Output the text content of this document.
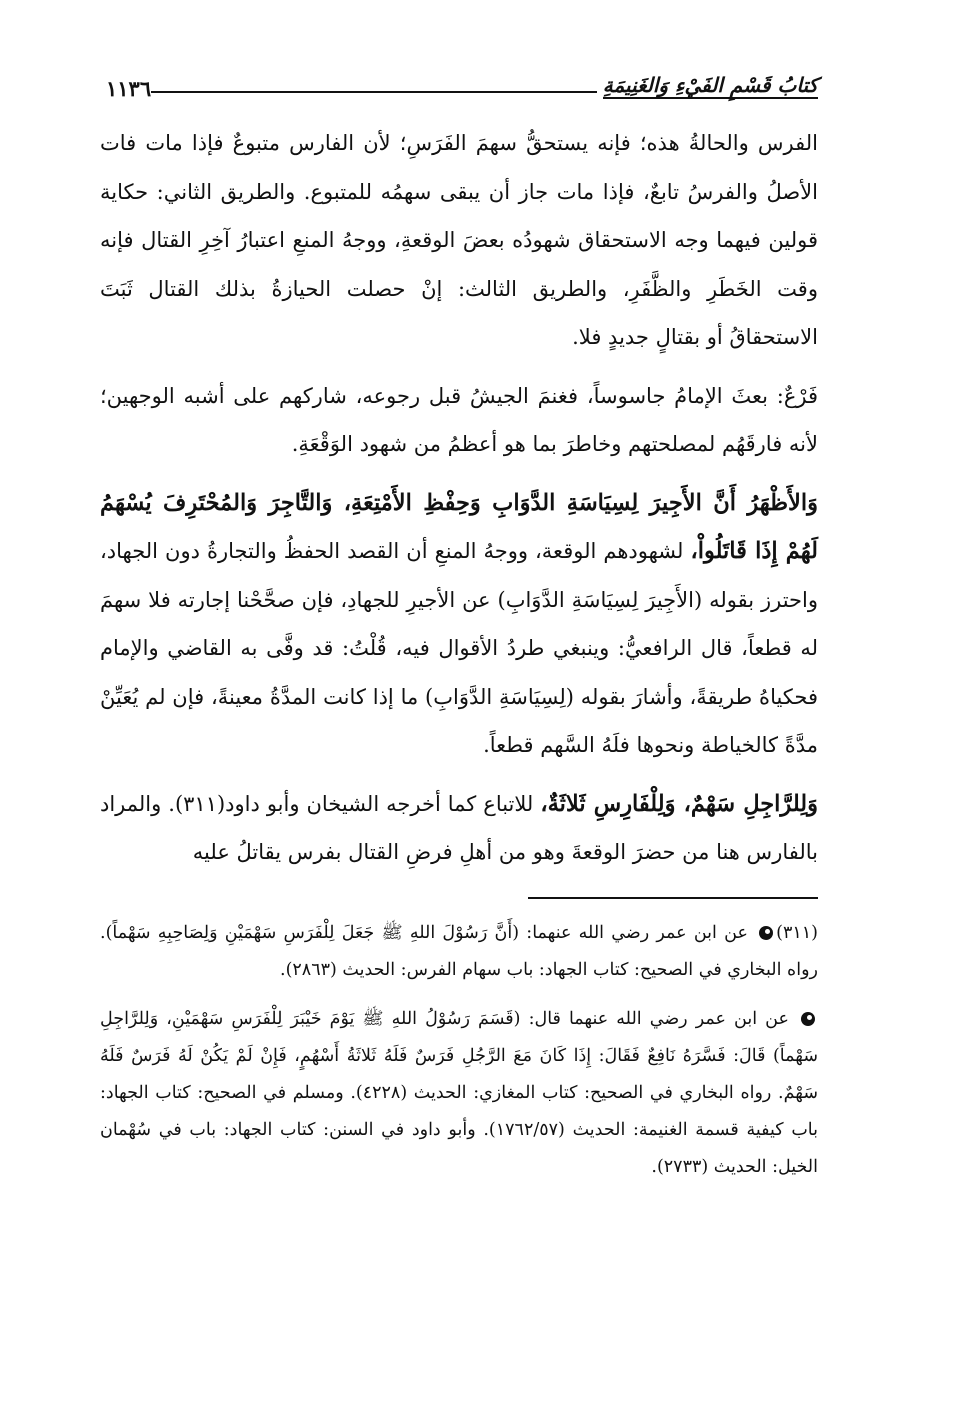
كتابُ قَسْمِ الفَيْءِ وَالغَنِيمَةِ
١١٣٦

الفرس والحالةُ هذه؛ فإنه يستحقُّ سهمَ الفَرَسِ؛ لأن الفارس متبوعٌ فإذا مات فات الأصلُ والفرسُ تابعٌ، فإذا مات جاز أن يبقى سهمُه للمتبوع. والطريق الثاني: حكاية قولين فيهما وجه الاستحقاق شهودُه بعضَ الوقعةِ، ووجهُ المنعِ اعتبارُ آخِرِ القتال فإنه وقت الخَطَرِ والظَّفَرِ، والطريق الثالث: إنْ حصلت الحيازةُ بذلك القتال ثَبَتَ الاستحقاقُ أو بقتالٍ جديدٍ فلا.

فَرْعٌ: بعثَ الإمامُ جاسوساً، فغنمَ الجيشُ قبل رجوعه، شاركهم على أشبه الوجهين؛ لأنه فارقَهُم لمصلحتهم وخاطرَ بما هو أعظمُ من شهود الوَقْعَةِ.

وَالأَظْهَرُ أَنَّ الأَجِيرَ لِسِيَاسَةِ الدَّوَابِ وَحِفْظِ الأَمْتِعَةِ، وَالتَّاجِرَ وَالمُحْتَرِفَ يُسْهَمُ لَهُمْ إِذَا قَاتَلُواْ، لشهودهم الوقعة، ووجهُ المنعِ أن القصد الحفظُ والتجارةُ دون الجهاد، واحترز بقوله (الأَجِيرَ لِسِيَاسَةِ الدَّوَابِ) عن الأجيرِ للجهادِ، فإن صحَّحْنا إجارته فلا سهمَ له قطعاً، قال الرافعيُّ: وينبغي طردُ الأقوال فيه، قُلْتُ: قد وفَّى به القاضي والإمام فحكياهُ طريقةً، وأشارَ بقوله (لِسِيَاسَةِ الدَّوَابِ) ما إذا كانت المدَّةُ معينةً، فإن لم يُعَيِّنْ مدَّةً كالخياطة ونحوها فلَهُ السَّهم قطعاً.

وَلِلرَّاجِلِ سَهْمٌ، وَلِلْفَارِسِ ثَلاثَةٌ، للاتباع كما أخرجه الشيخان وأبو داود(٣١١). والمراد بالفارس هنا من حضرَ الوقعةَ وهو من أهلِ فرضِ القتال بفرس يقاتلُ عليه

(٣١١) عن ابن عمر رضي الله عنهما: (أَنَّ رَسُوْلَ اللهِ ﷺ جَعَلَ لِلْفَرَسِ سَهْمَيْنِ وَلِصَاحِبِهِ سَهْماً). رواه البخاري في الصحيح: كتاب الجهاد: باب سهام الفرس: الحديث (٢٨٦٣).

عن ابن عمر رضي الله عنهما قال: (قَسَمَ رَسُوْلُ اللهِ ﷺ يَوْمَ خَيْبَرَ لِلْفَرَسِ سَهْمَيْنِ، وَلِلرَّاجِلِ سَهْماً) قَالَ: فَسَّرَهُ نَافِعٌ فَقَالَ: إِذَا كَانَ مَعَ الرَّجُلِ فَرَسٌ فَلَهُ ثَلاثَةُ أَسْهُمٍ، فَإِنْ لَمْ يَكُنْ لَهُ فَرَسٌ فَلَهُ سَهْمٌ. رواه البخاري في الصحيح: كتاب المغازي: الحديث (٤٢٢٨). ومسلم في الصحيح: كتاب الجهاد: باب كيفية قسمة الغنيمة: الحديث (١٧٦٢/٥٧). وأبو داود في السنن: كتاب الجهاد: باب في سُهْمان الخيل: الحديث (٢٧٣٣).
